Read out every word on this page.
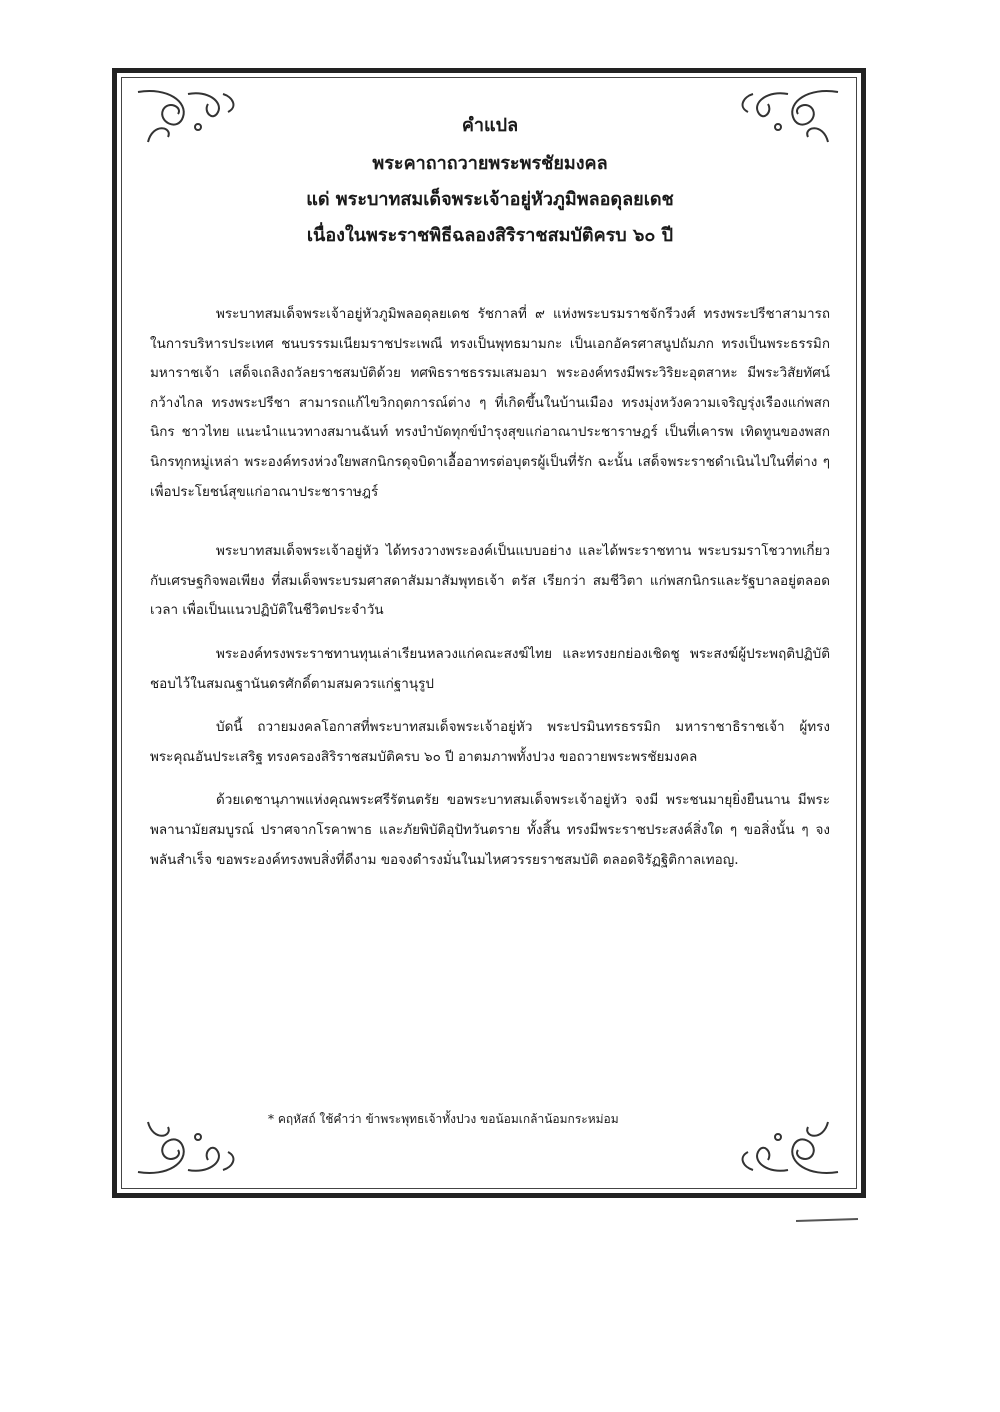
คำแปล
พระคาถาถวายพระพรชัยมงคล
แด่ พระบาทสมเด็จพระเจ้าอยู่หัวภูมิพลอดุลยเดช
เนื่องในพระราชพิธีฉลองสิริราชสมบัติครบ ๖๐ ปี

พระบาทสมเด็จพระเจ้าอยู่หัวภูมิพลอดุลยเดช รัชกาลที่ ๙ แห่งพระบรมราชจักรีวงศ์ ทรงพระปรีชาสามารถในการบริหารประเทศ ชนบรรรมเนียมราชประเพณี ทรงเป็นพุทธมามกะ เป็นเอกอัครศาสนูปถัมภก ทรงเป็นพระธรรมิกมหาราชเจ้า เสด็จเถลิงถวัลยราชสมบัติด้วย ทศพิธราชธรรมเสมอมา พระองค์ทรงมีพระวิริยะอุตสาหะ มีพระวิสัยทัศน์กว้างไกล ทรงพระปรีชา สามารถแก้ไขวิกฤตการณ์ต่าง ๆ ที่เกิดขึ้นในบ้านเมือง ทรงมุ่งหวังความเจริญรุ่งเรืองแก่พสกนิกร ชาวไทย แนะนำแนวทางสมานฉันท์ ทรงบำบัดทุกข์บำรุงสุขแก่อาณาประชาราษฎร์ เป็นที่เคารพ เทิดทูนของพสกนิกรทุกหมู่เหล่า พระองค์ทรงห่วงใยพสกนิกรดุจบิดาเอื้ออาทรต่อบุตรผู้เป็นที่รัก ฉะนั้น เสด็จพระราชดำเนินไปในที่ต่าง ๆ เพื่อประโยชน์สุขแก่อาณาประชาราษฎร์

พระบาทสมเด็จพระเจ้าอยู่หัว ได้ทรงวางพระองค์เป็นแบบอย่าง และได้พระราชทาน พระบรมราโชวาทเกี่ยวกับเศรษฐกิจพอเพียง ที่สมเด็จพระบรมศาสดาสัมมาสัมพุทธเจ้า ตรัส เรียกว่า สมชีวิตา แก่พสกนิกรและรัฐบาลอยู่ตลอดเวลา เพื่อเป็นแนวปฏิบัติในชีวิตประจำวัน

พระองค์ทรงพระราชทานทุนเล่าเรียนหลวงแก่คณะสงฆ์ไทย และทรงยกย่องเชิดชู พระสงฆ์ผู้ประพฤติปฏิบัติชอบไว้ในสมณฐานันดรศักดิ์ตามสมควรแก่ฐานุรูป

บัดนี้ ถวายมงคลโอกาสที่พระบาทสมเด็จพระเจ้าอยู่หัว พระปรมินทรธรรมิก มหาราชาธิราชเจ้า ผู้ทรงพระคุณอันประเสริฐ ทรงครองสิริราชสมบัติครบ ๖๐ ปี อาตมภาพทั้งปวง ขอถวายพระพรชัยมงคล

ด้วยเดชานุภาพแห่งคุณพระศรีรัตนตรัย ขอพระบาทสมเด็จพระเจ้าอยู่หัว จงมี พระชนมายุยิ่งยืนนาน มีพระพลานามัยสมบูรณ์ ปราศจากโรคาพาธ และภัยพิบัติอุปัทวันตราย ทั้งสิ้น ทรงมีพระราชประสงค์สิ่งใด ๆ ขอสิ่งนั้น ๆ จงพลันสำเร็จ ขอพระองค์ทรงพบสิ่งที่ดีงาม ขอจงดำรงมั่นในมไหศวรรยราชสมบัติ ตลอดจิรัฏฐิติกาลเทอญ.

* คฤหัสถ์ ใช้คำว่า ข้าพระพุทธเจ้าทั้งปวง ขอน้อมเกล้าน้อมกระหม่อม
